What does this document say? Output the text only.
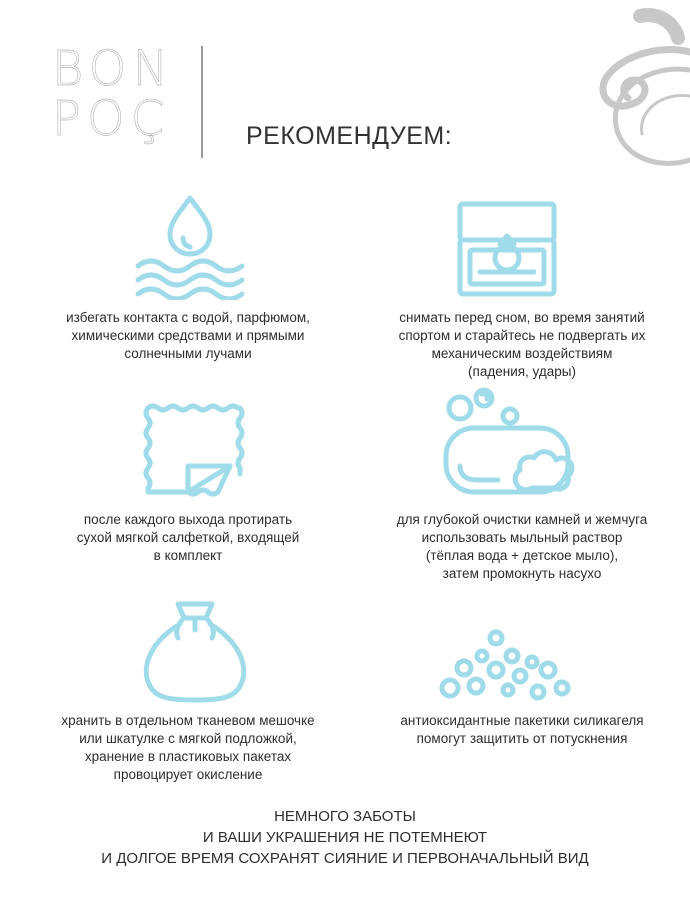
BON
POÇ	РЕКОМЕНДУЕМ:
избегать контакта с водой, парфюмом,
химическими средствами и прямыми
солнечными лучами
снимать перед сном, во время занятий
спортом и старайтесь не подвергать их
механическим воздействиям
(падения, удары)
после каждого выхода протирать
сухой мягкой салфеткой, входящей
в комплект
для глубокой очистки камней и жемчуга
использовать мыльный раствор
(тёплая вода + детское мыло),
затем промокнуть насухо
хранить в отдельном тканевом мешочке
или шкатулке с мягкой подложкой,
хранение в пластиковых пакетах
провоцирует окисление
антиоксидантные пакетики силикагеля
помогут защитить от потускнения
НЕМНОГО ЗАБОТЫ
И ВАШИ УКРАШЕНИЯ НЕ ПОТЕМНЕЮТ
И ДОЛГОЕ ВРЕМЯ СОХРАНЯТ СИЯНИЕ И ПЕРВОНАЧАЛЬНЫЙ ВИД
